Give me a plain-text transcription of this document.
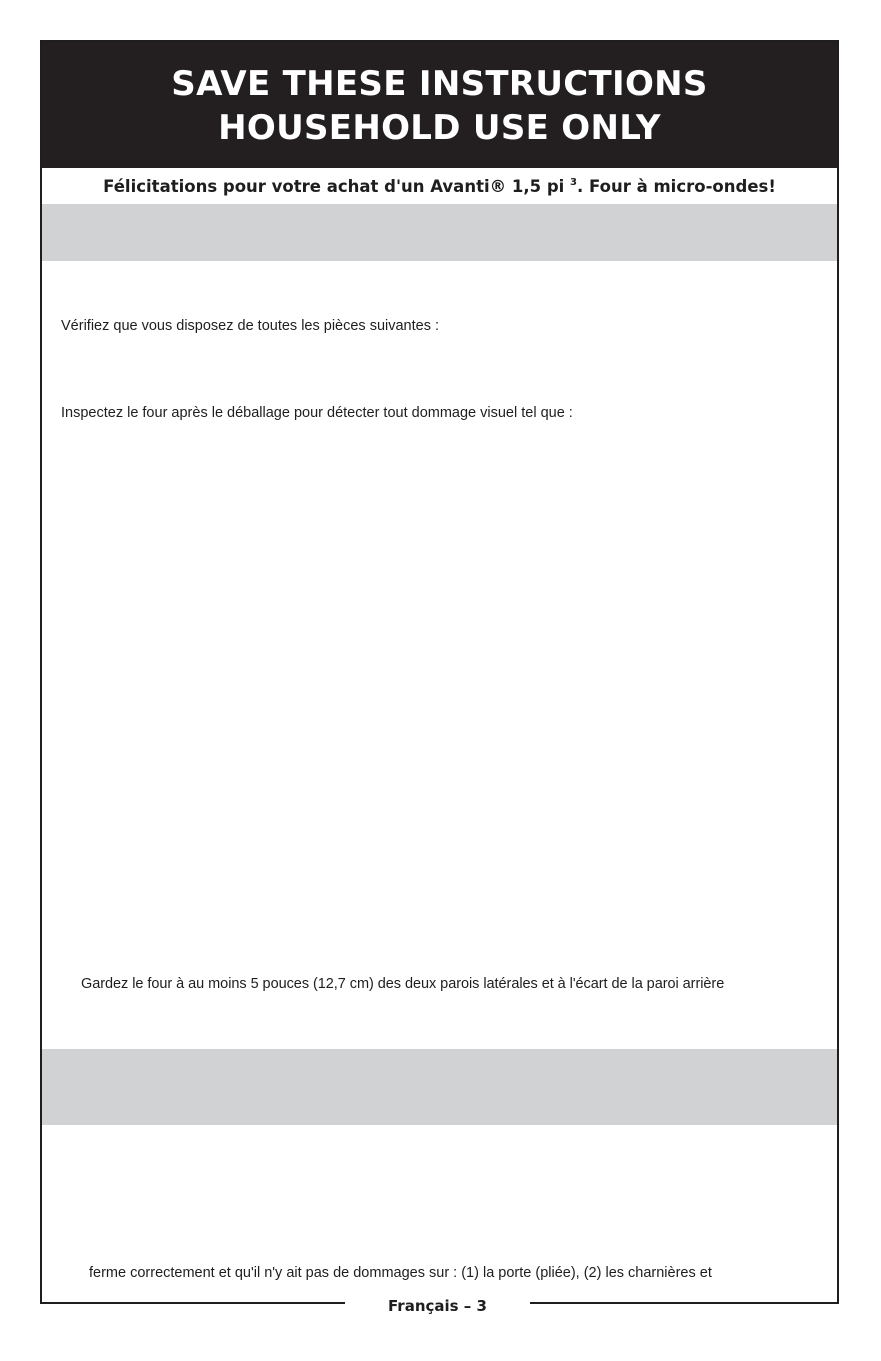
SAVE THESE INSTRUCTIONS
HOUSEHOLD USE ONLY
Félicitations pour votre achat d'un Avanti® 1,5 pi $^3$. Four à micro-ondes!
Vérifiez que vous disposez de toutes les pièces suivantes :
Inspectez le four après le déballage pour détecter tout dommage visuel tel que :
Gardez le four à au moins 5 pouces (12,7 cm) des deux parois latérales et à l'écart de la paroi arrière
ferme correctement et qu'il n'y ait pas de dommages sur : (1) la porte (pliée), (2) les charnières et
Français – 3
